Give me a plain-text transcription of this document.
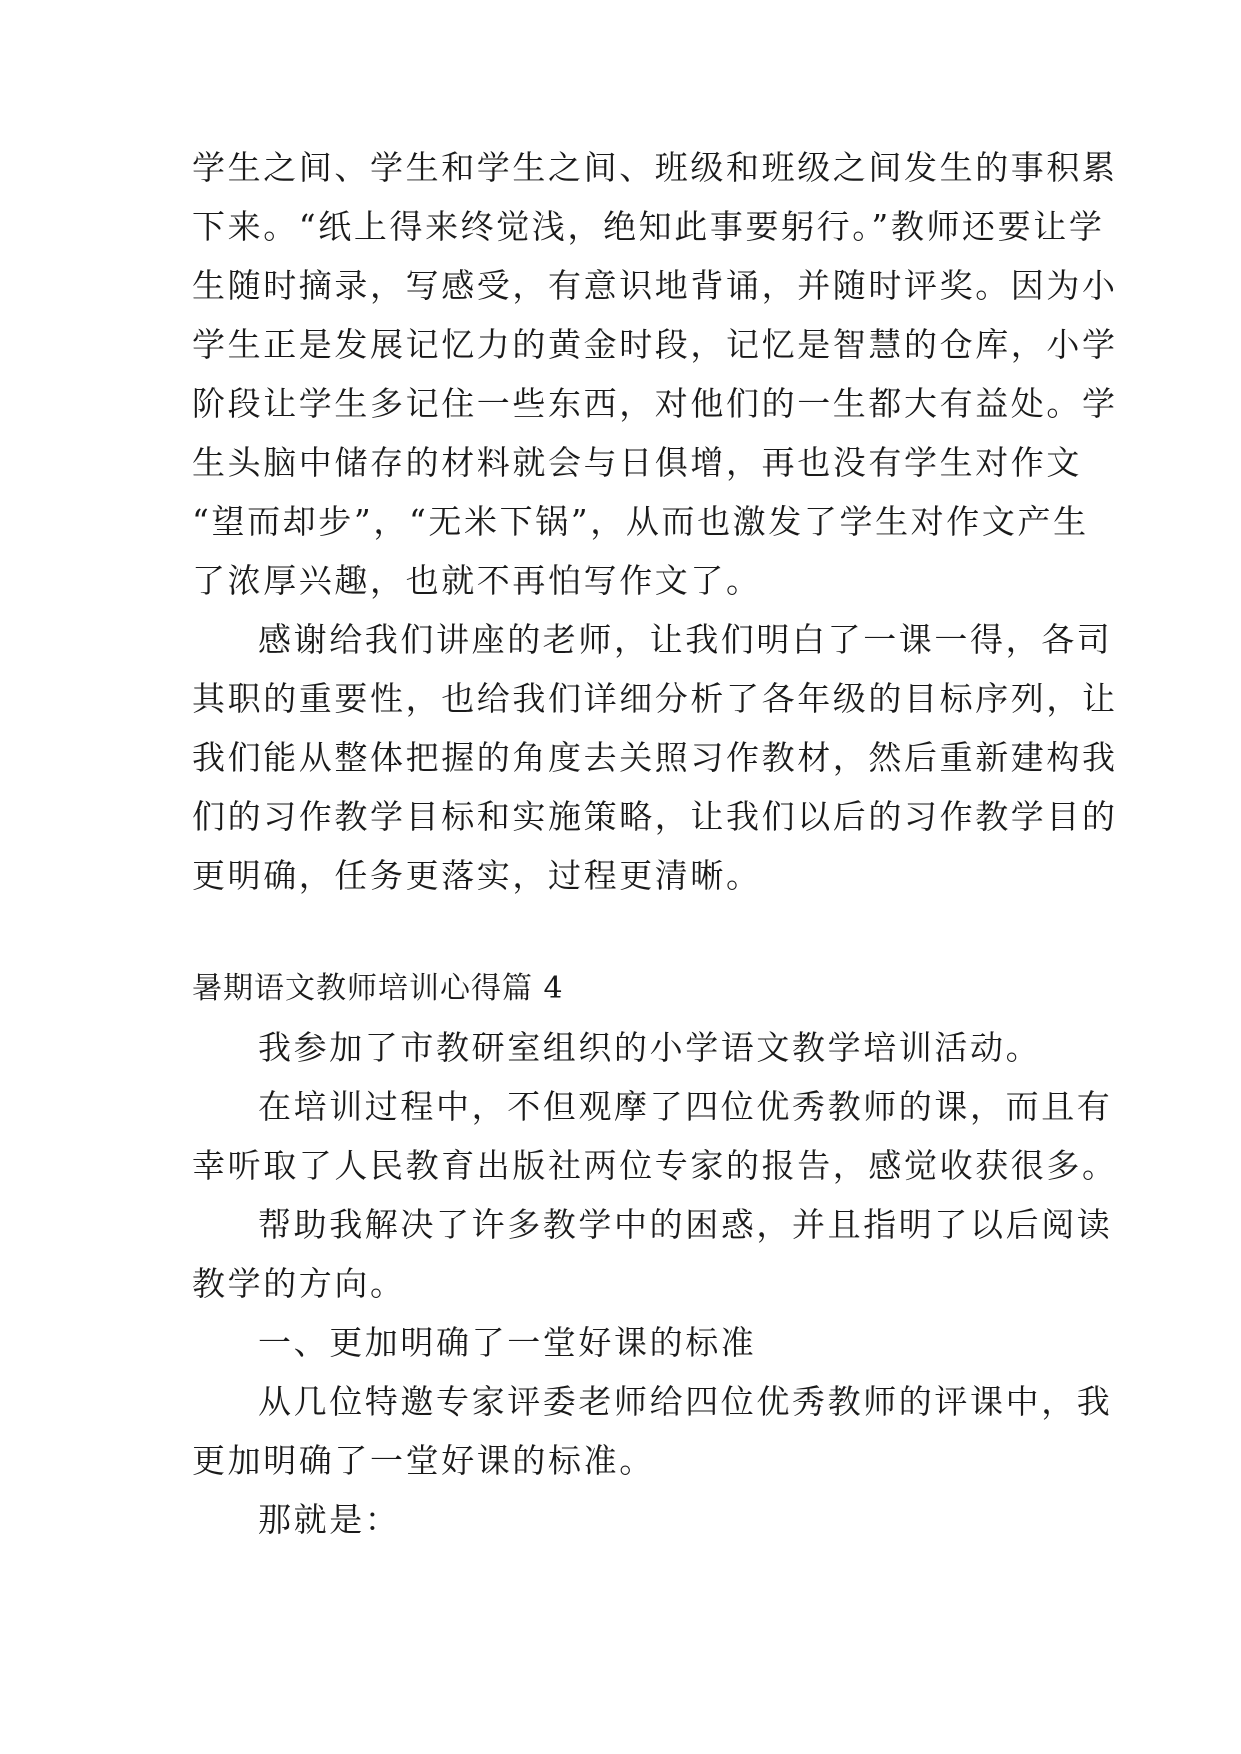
学生之间、学生和学生之间、班级和班级之间发生的事积累
下来。“纸上得来终觉浅，绝知此事要躬行。”教师还要让学
生随时摘录，写感受，有意识地背诵，并随时评奖。因为小
学生正是发展记忆力的黄金时段，记忆是智慧的仓库，小学
阶段让学生多记住一些东西，对他们的一生都大有益处。学
生头脑中储存的材料就会与日俱增，再也没有学生对作文
“望而却步”，“无米下锅”，从而也激发了学生对作文产生
了浓厚兴趣，也就不再怕写作文了。
感谢给我们讲座的老师，让我们明白了一课一得，各司
其职的重要性，也给我们详细分析了各年级的目标序列，让
我们能从整体把握的角度去关照习作教材，然后重新建构我
们的习作教学目标和实施策略，让我们以后的习作教学目的
更明确，任务更落实，过程更清晰。
暑期语文教师培训心得篇 4
我参加了市教研室组织的小学语文教学培训活动。
在培训过程中，不但观摩了四位优秀教师的课，而且有
幸听取了人民教育出版社两位专家的报告，感觉收获很多。
帮助我解决了许多教学中的困惑，并且指明了以后阅读
教学的方向。
一、更加明确了一堂好课的标准
从几位特邀专家评委老师给四位优秀教师的评课中，我
更加明确了一堂好课的标准。
那就是：
